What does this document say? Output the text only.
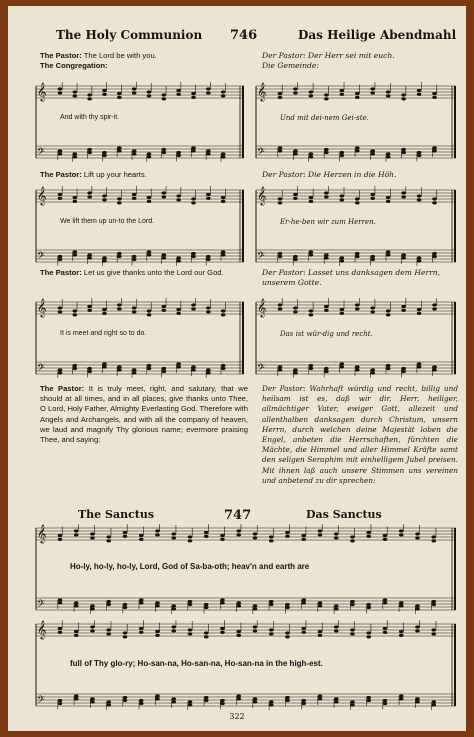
The Holy Communion 746	Das Heilige Abendmahl
The Pastor: The Lord be with you.
The Congregation:
Der Pastor: Der Herr sei mit euch.
Die Gemeinde:
𝄞
𝄢
And with thy spir-it.
𝄞
𝄢
Und mit dei-nem Gei-ste.
The Pastor: Lift up your hearts.	Der Pastor: Die Herzen in die Höh.
𝄞
𝄢
We lift them up un-to the Lord.
𝄞
𝄢
Er-he-ben wir zum Herren.
The Pastor: Let us give thanks unto the Lord our God.	Der Pastor: Lasset uns danksagen dem Herrn, unserem Gotte.
𝄞
𝄢
It is meet and right so to do.
𝄞
𝄢
Das ist wür-dig und recht.
The Pastor: It is truly meet, right, and salutary, that we should at all times, and in all places, give thanks unto Thee, O Lord, Holy Father, Almighty Everlasting God. Therefore with Angels and Archangels, and with all the company of heaven, we laud and magnify Thy glorious name; evermore praising Thee, and saying:
Der Pastor: Wahrhaft würdig und recht, billig und heilsam ist es, daß wir dir, Herr, heiliger, allmächtiger Vater, ewiger Gott, allezeit und allenthalben danksagen durch Christum, unsern Herrn, durch welchen deine Majestät loben die Engel, anbeten die Herrschaften, fürchten die Mächte, die Himmel und aller Himmel Kräfte samt den seligen Seraphim mit einhelligem Jubel preisen. Mit ihnen laß auch unsere Stimmen uns vereinen und anbetend zu dir sprechen:
The Sanctus	747	Das Sanctus
𝄞
𝄢
Ho-ly, ho-ly, ho-ly, Lord, God of Sa-ba-oth; heav'n and earth are
𝄞
𝄢
full of Thy glo-ry; Ho-san-na, Ho-san-na, Ho-san-na in the high-est.
322
